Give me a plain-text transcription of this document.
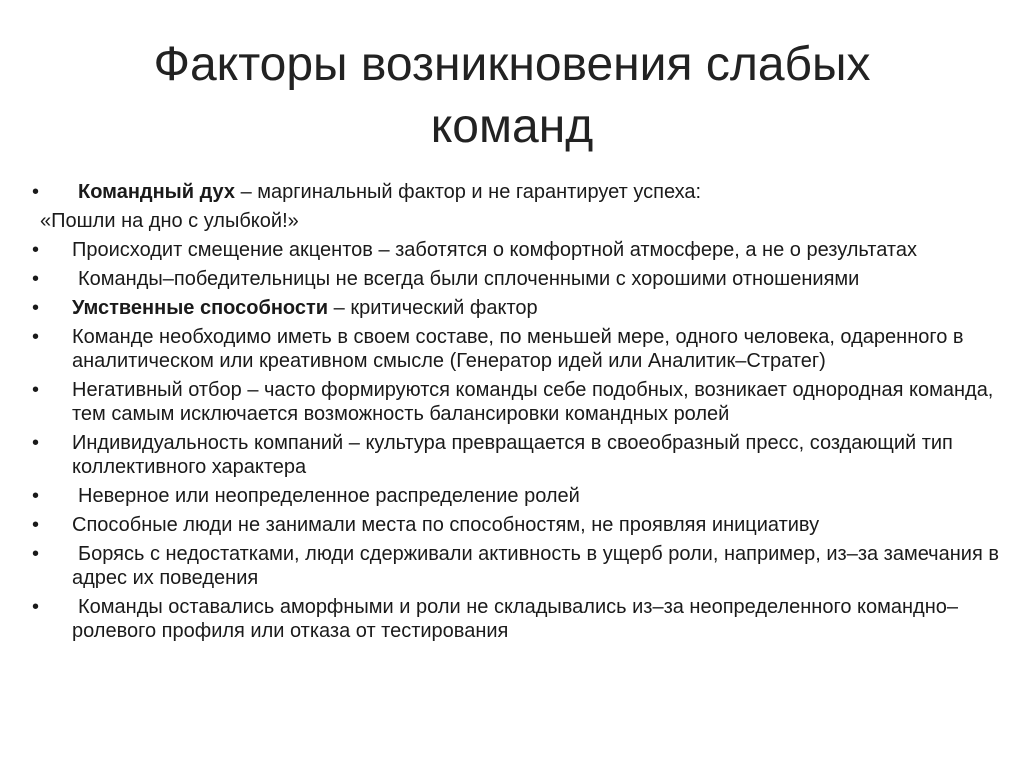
Факторы возникновения слабых
команд
•	Командный дух – маргинальный фактор и не гарантирует успеха:
«Пошли на дно с улыбкой!»
•	Происходит смещение акцентов – заботятся о комфортной атмосфере, а не о результатах
•	Команды–победительницы не всегда были сплоченными с хорошими отношениями
•	Умственные способности – критический фактор
•	Команде необходимо иметь в своем составе, по меньшей мере, одного человека, одаренного в аналитическом или креативном смысле (Генератор идей или Аналитик–Стратег)
•	Негативный отбор – часто формируются команды себе подобных, возникает однородная команда, тем самым исключается возможность балансировки командных ролей
•	Индивидуальность компаний – культура превращается в своеобразный пресс, создающий тип коллективного характера
•	Неверное или неопределенное распределение ролей
•	Способные люди не занимали места по способностям, не проявляя инициативу
•	Борясь с недостатками, люди сдерживали активность в ущерб роли, например, из–за замечания в адрес их поведения
•	Команды оставались аморфными и роли не складывались из–за неопределенного командно– ролевого профиля или отказа от тестирования
